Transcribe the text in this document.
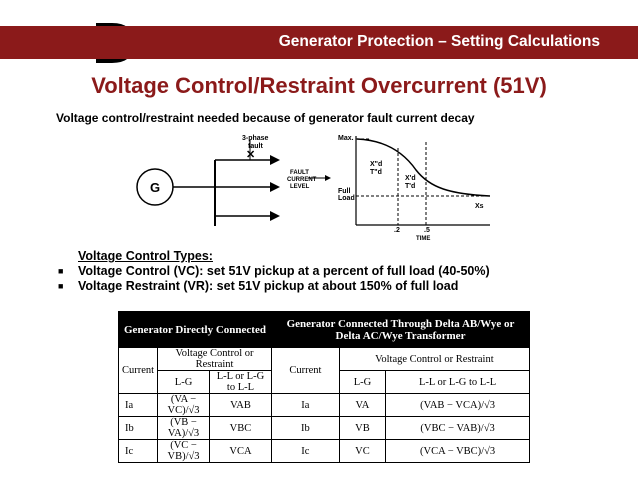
Generator Protection – Setting Calculations
Voltage Control/Restraint Overcurrent (51V)
Voltage control/restraint needed because of generator fault current decay
G
✕
3-phase
fault
FAULT
CURRENT
LEVEL
Max.
Full
Load
X"d
T"d
X'd
T'd
Xs
.2	.5
TIME
Voltage Control Types:
■	Voltage Control (VC): set 51V pickup at a percent of full load (40-50%)
■	Voltage Restraint (VR): set 51V pickup at about 150% of full load
Generator Directly Connected			Generator Connected Through Delta AB/Wye or Delta AC/Wye Transformer		
Current	Voltage Control or Restraint		Current	Voltage Control or Restraint	
	L-G	L-L or L-G to L-L		L-G	L-L or L-G to L-L
Ia	(VA − VC)/√3	VAB	Ia	VA	(VAB − VCA)/√3
Ib	(VB − VA)/√3	VBC	Ib	VB	(VBC − VAB)/√3
Ic	(VC − VB)/√3	VCA	Ic	VC	(VCA − VBC)/√3
